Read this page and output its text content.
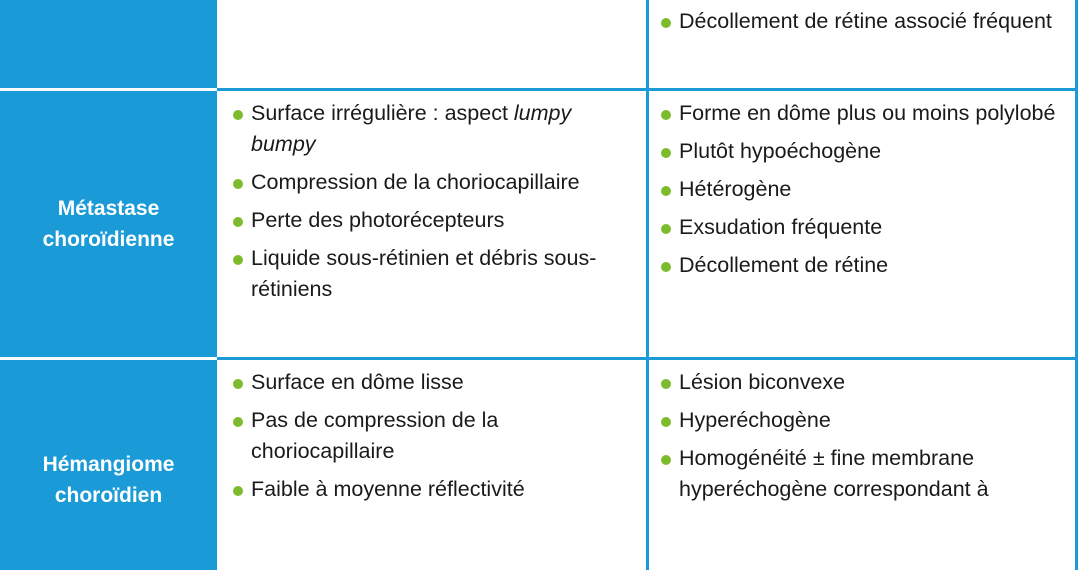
Décollement de rétine associé fréquent
Métastase choroïdienne
Surface irrégulière : aspect lumpy bumpy
Compression de la choriocapillaire
Perte des photorécepteurs
Liquide sous-rétinien et débris sous-rétiniens
Forme en dôme plus ou moins polylobé
Plutôt hypoéchogène
Hétérogène
Exsudation fréquente
Décollement de rétine
Hémangiome choroïdien
Surface en dôme lisse
Pas de compression de la choriocapillaire
Faible à moyenne réflectivité
Lésion biconvexe
Hyperéchogène
Homogénéité ± fine membrane hyperéchogène correspondant à
